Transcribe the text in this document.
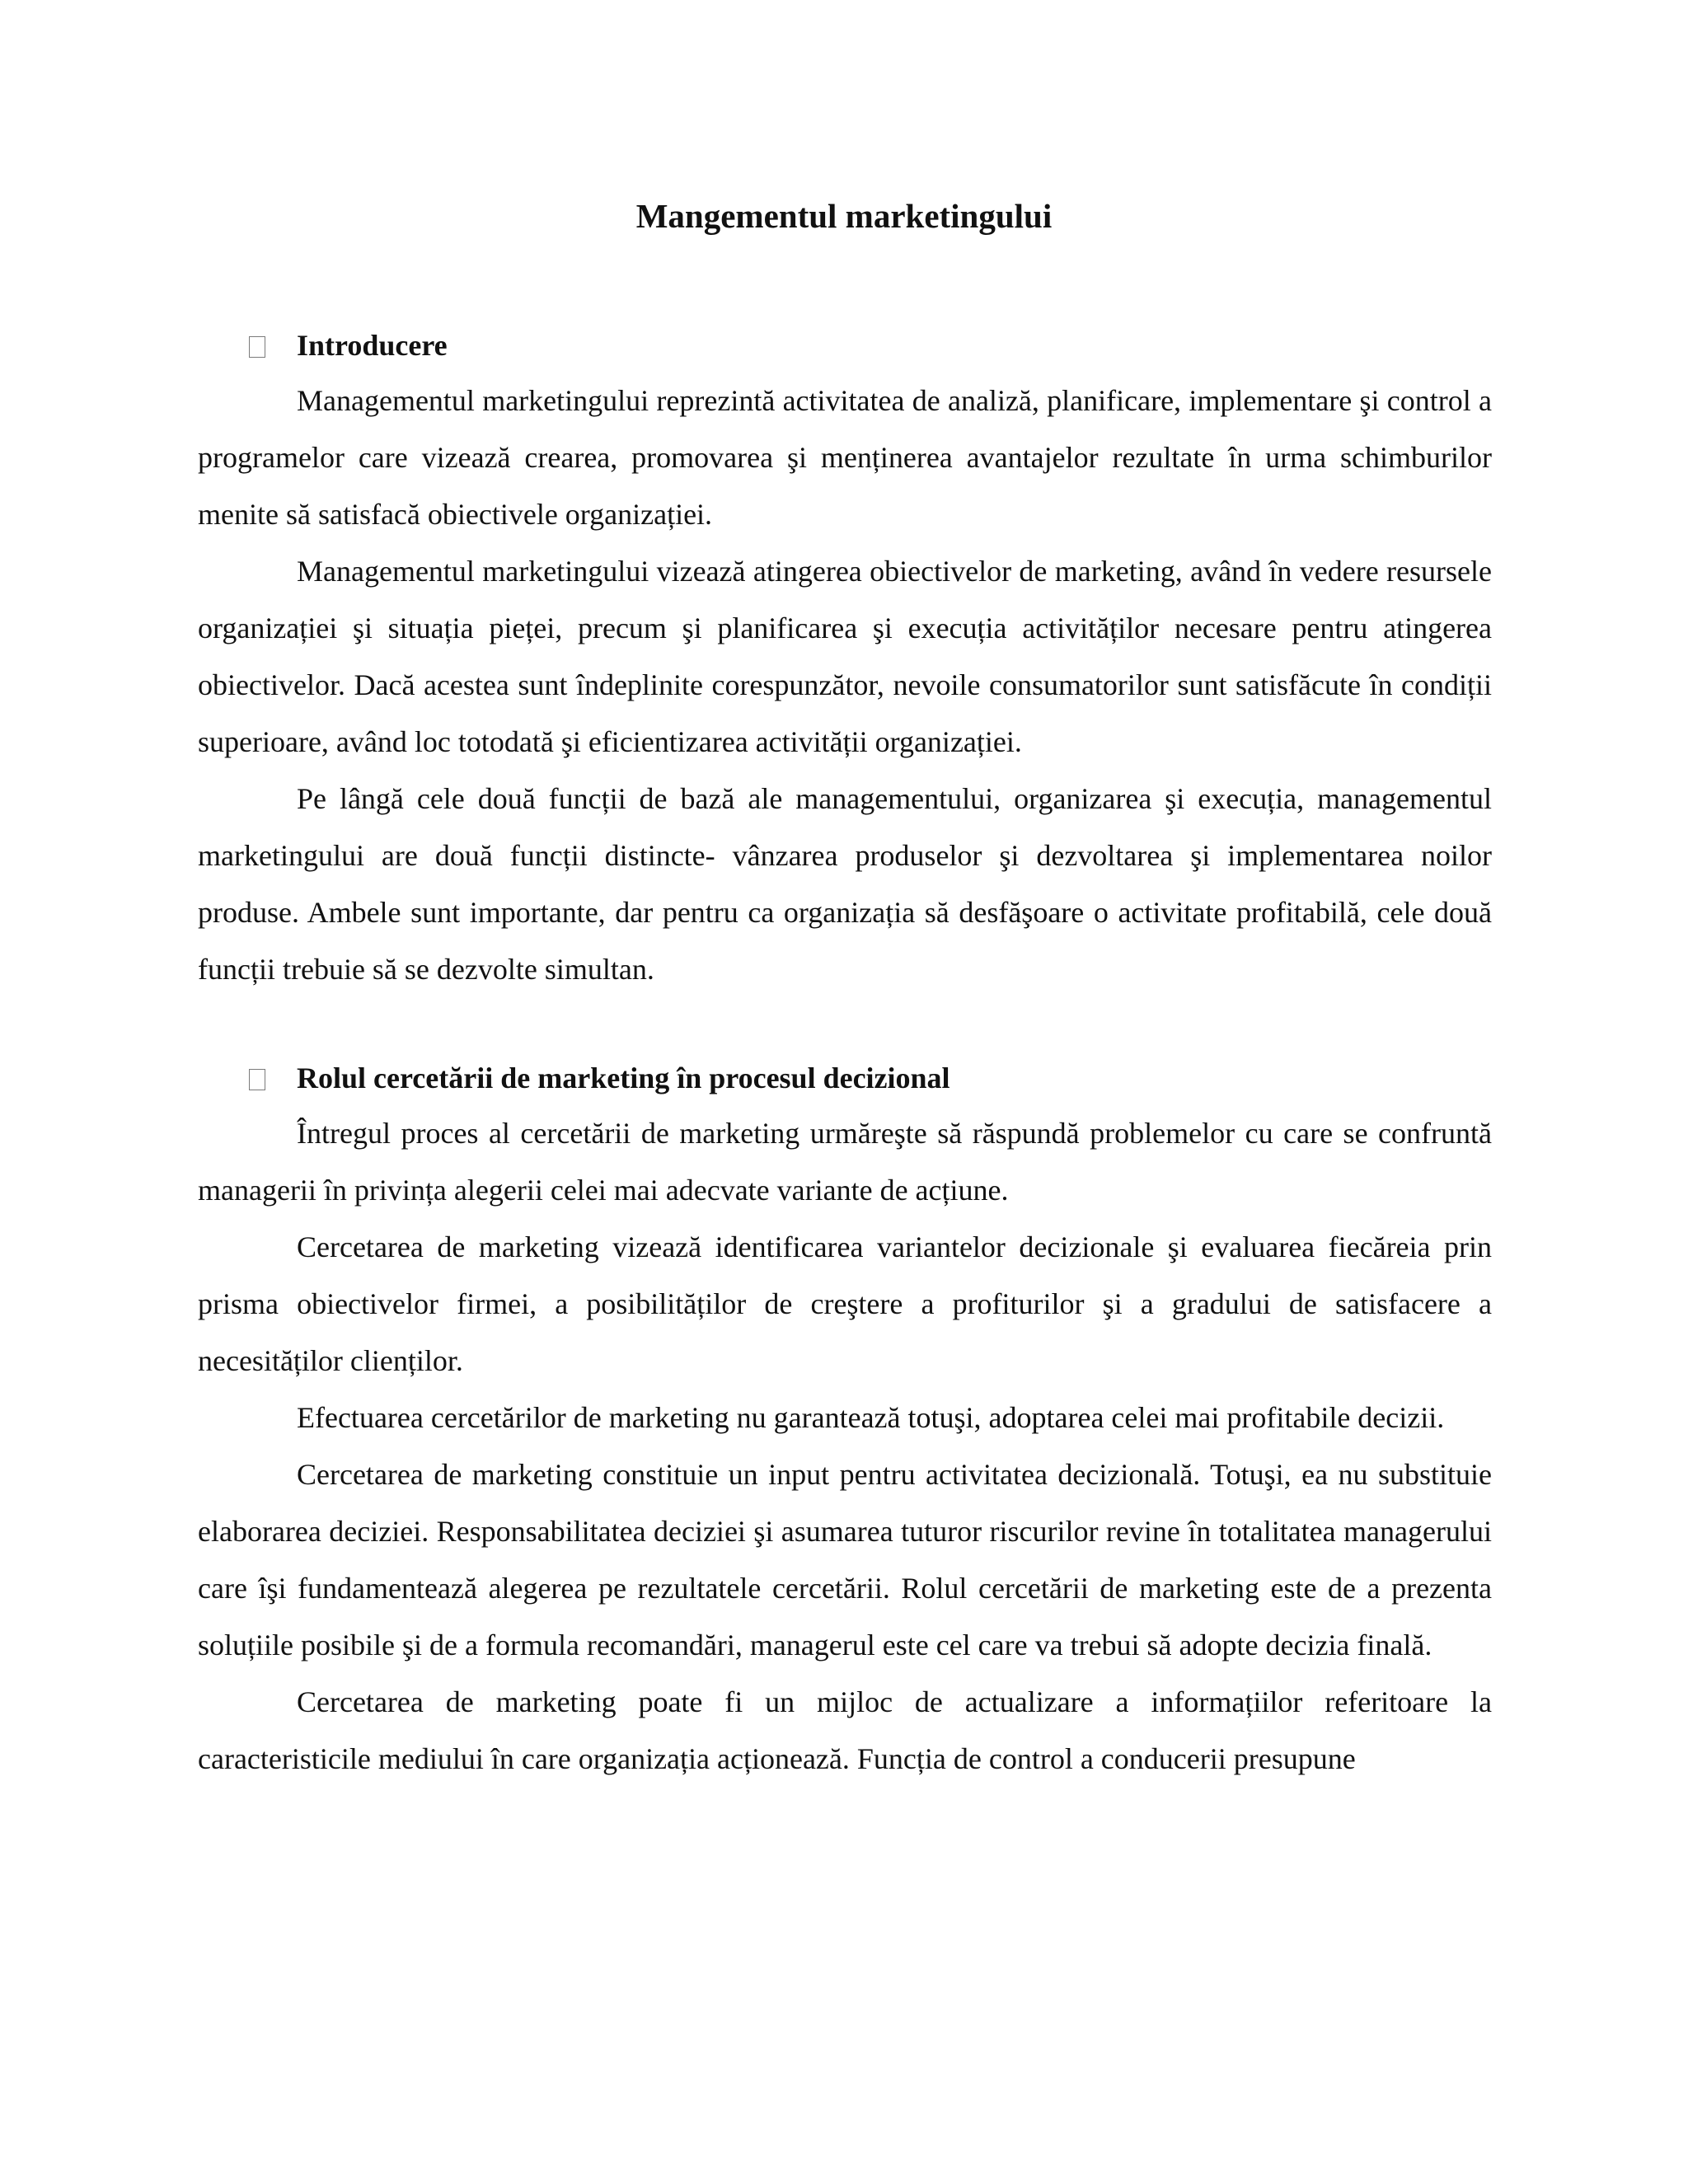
Mangementul marketingului
Introducere

Managementul marketingului reprezintă activitatea de analiză, planificare, implementare şi control a programelor care vizează crearea, promovarea şi menținerea avantajelor rezultate în urma schimburilor menite să satisfacă obiectivele organizației.

Managementul marketingului vizează atingerea obiectivelor de marketing, având în vedere resursele organizației şi situația pieței, precum şi planificarea şi execuția activităților necesare pentru atingerea obiectivelor. Dacă acestea sunt îndeplinite corespunzător, nevoile consumatorilor sunt satisfăcute în condiții superioare, având loc totodată şi eficientizarea activității organizației.

Pe lângă cele două funcții de bază ale managementului, organizarea şi execuția, managementul marketingului are două funcții distincte- vânzarea produselor şi dezvoltarea şi implementarea noilor produse. Ambele sunt importante, dar pentru ca organizația să desfăşoare o activitate profitabilă, cele două funcții trebuie să se dezvolte simultan.

Rolul cercetării de marketing în procesul decizional

Întregul proces al cercetării de marketing urmăreşte să răspundă problemelor cu care se confruntă managerii în privința alegerii celei mai adecvate variante de acțiune.

Cercetarea de marketing vizează identificarea variantelor decizionale şi evaluarea fiecăreia prin prisma obiectivelor firmei, a posibilităților de creştere a profiturilor şi a gradului de satisfacere a necesităților clienților.

Efectuarea cercetărilor de marketing nu garantează totuşi, adoptarea celei mai profitabile decizii.

Cercetarea de marketing constituie un input pentru activitatea decizională. Totuşi, ea nu substituie elaborarea deciziei. Responsabilitatea deciziei şi asumarea tuturor riscurilor revine în totalitatea managerului care îşi fundamentează alegerea pe rezultatele cercetării. Rolul cercetării de marketing este de a prezenta soluțiile posibile şi de a formula recomandări, managerul este cel care va trebui să adopte decizia finală.

Cercetarea de marketing poate fi un mijloc de actualizare a informațiilor referitoare la caracteristicile mediului în care organizația acționează. Funcția de control a conducerii presupune
